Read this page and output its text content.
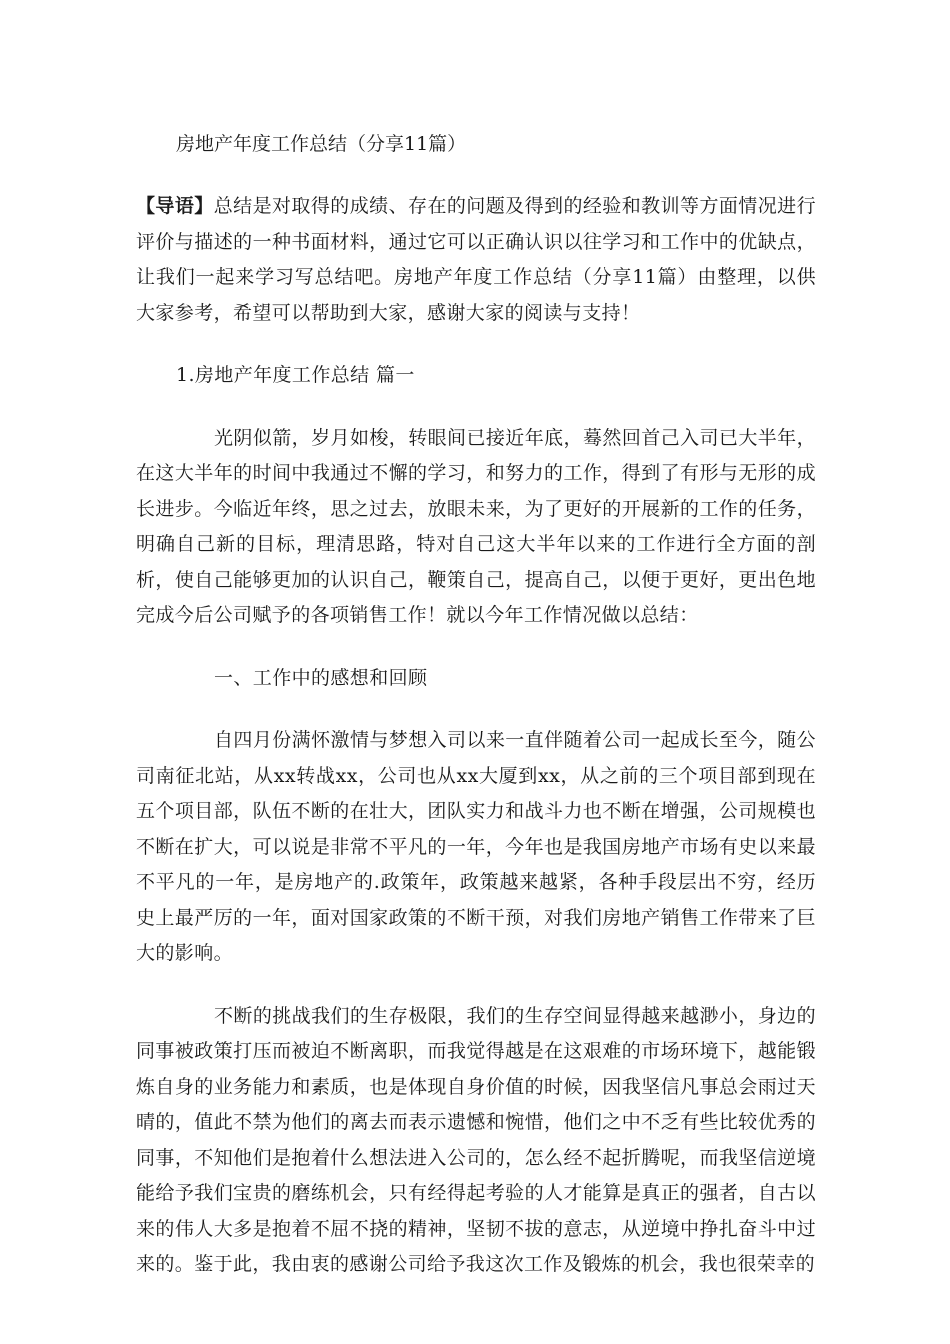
房地产年度工作总结（分享11篇）

【导语】总结是对取得的成绩、存在的问题及得到的经验和教训等方面情况进行评价与描述的一种书面材料，通过它可以正确认识以往学习和工作中的优缺点，让我们一起来学习写总结吧。房地产年度工作总结（分享11篇）由整理，以供大家参考，希望可以帮助到大家，感谢大家的阅读与支持！

1.房地产年度工作总结 篇一

光阴似箭，岁月如梭，转眼间已接近年底，蓦然回首己入司已大半年，在这大半年的时间中我通过不懈的学习，和努力的工作，得到了有形与无形的成长进步。今临近年终，思之过去，放眼未来，为了更好的开展新的工作的任务，明确自己新的目标，理清思路，特对自己这大半年以来的工作进行全方面的剖析，使自己能够更加的认识自己，鞭策自己，提高自己，以便于更好，更出色地完成今后公司赋予的各项销售工作！就以今年工作情况做以总结：

一、工作中的感想和回顾

自四月份满怀激情与梦想入司以来一直伴随着公司一起成长至今，随公司南征北站，从xx转战xx，公司也从xx大厦到xx，从之前的三个项目部到现在五个项目部，队伍不断的在壮大，团队实力和战斗力也不断在增强，公司规模也不断在扩大，可以说是非常不平凡的一年，今年也是我国房地产市场有史以来最不平凡的一年，是房地产的.政策年，政策越来越紧，各种手段层出不穷，经历史上最严厉的一年，面对国家政策的不断干预，对我们房地产销售工作带来了巨大的影响。

不断的挑战我们的生存极限，我们的生存空间显得越来越渺小，身边的同事被政策打压而被迫不断离职，而我觉得越是在这艰难的市场环境下，越能锻炼自身的业务能力和素质，也是体现自身价值的时候，因我坚信凡事总会雨过天晴的，值此不禁为他们的离去而表示遗憾和惋惜，他们之中不乏有些比较优秀的同事，不知他们是抱着什么想法进入公司的，怎么经不起折腾呢，而我坚信逆境能给予我们宝贵的磨练机会，只有经得起考验的人才能算是真正的强者，自古以来的伟人大多是抱着不屈不挠的精神，坚韧不拔的意志，从逆境中挣扎奋斗中过来的。鉴于此，我由衷的感谢公司给予我这次工作及锻炼的机会，我也很荣幸的
